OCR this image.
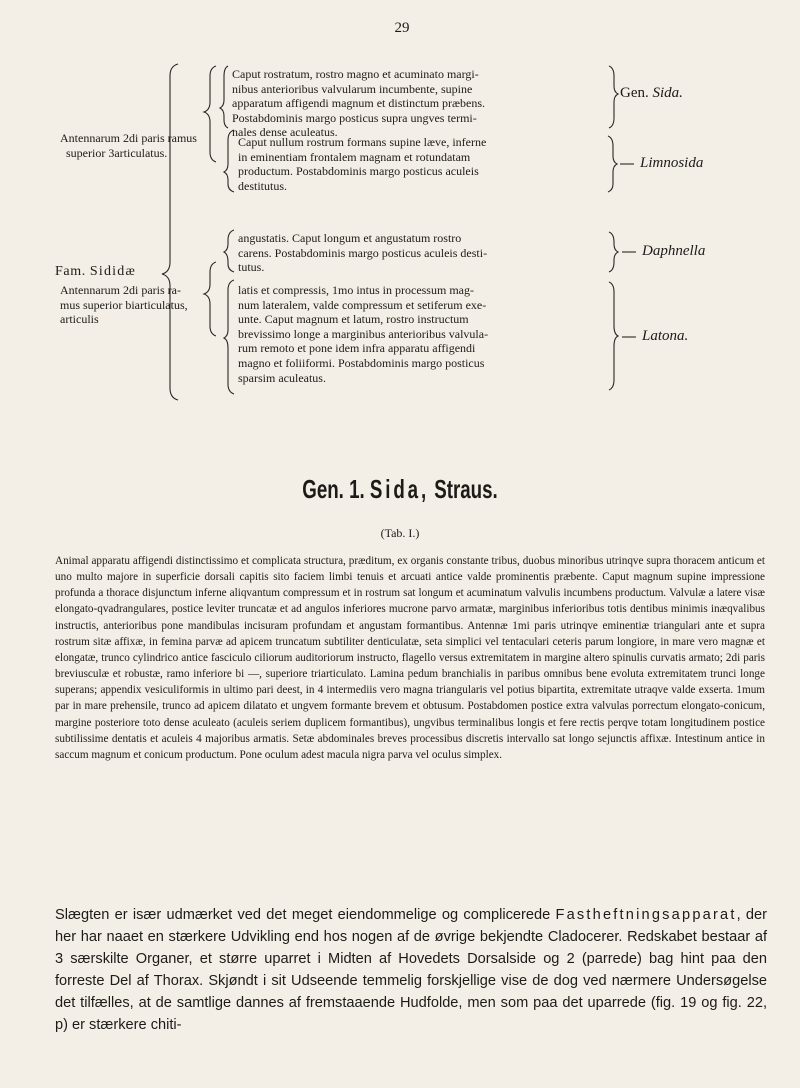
29
Fam. Sididæ
Antennarum 2di paris ramus
superior 3articulatus.
Caput rostratum, rostro magno et acuminato margi-
nibus anterioribus valvularum incumbente, supine
apparatum affigendi magnum et distinctum præbens.
Postabdominis margo posticus supra ungves termi-
nales dense aculeatus.
Gen. Sida.
Caput nullum rostrum formans supine læve, inferne
in eminentiam frontalem magnam et rotundatam
productum. Postabdominis margo posticus aculeis
destitutus.
Limnosida
angustatis. Caput longum et angustatum rostro
carens. Postabdominis margo posticus aculeis desti-
tutus.
Daphnella
Antennarum 2di paris ra-
mus superior biarticulatus,
articulis
latis et compressis, 1mo intus in processum mag-
num lateralem, valde compressum et setiferum exe-
unte. Caput magnum et latum, rostro instructum
brevissimo longe a marginibus anterioribus valvula-
rum remoto et pone idem infra apparatu affigendi
magno et foliiformi. Postabdominis margo posticus
sparsim aculeatus.
Latona.
Gen. 1. Sida, Straus.
(Tab. I.)
Animal apparatu affigendi distinctissimo et complicata structura, præditum, ex organis constante tribus, duobus minoribus utrinqve supra thoracem anticum et uno multo majore in superficie dorsali capitis sito faciem limbi tenuis et arcuati antice valde prominentis præbente. Caput magnum supine impressione profunda a thorace disjunctum inferne aliqvantum compressum et in rostrum sat longum et acuminatum valvulis incumbens productum. Valvulæ a latere visæ elongato-qvadrangulares, postice leviter truncatæ et ad angulos inferiores mucrone parvo armatæ, marginibus inferioribus totis dentibus minimis inæqvalibus instructis, anterioribus pone mandibulas incisuram profundam et angustam formantibus. Antennæ 1mi paris utrinqve eminentiæ triangulari ante et supra rostrum sitæ affixæ, in femina parvæ ad apicem truncatum subtiliter denticulatæ, seta simplici vel tentaculari ceteris parum longiore, in mare vero magnæ et elongatæ, trunco cylindrico antice fasciculo ciliorum auditoriorum instructo, flagello versus extremitatem in margine altero spinulis curvatis armato; 2di paris breviusculæ et robustæ, ramo inferiore bi —, superiore triarticulato. Lamina pedum branchialis in paribus omnibus bene evoluta extremitatem trunci longe superans; appendix vesiculiformis in ultimo pari deest, in 4 intermediis vero magna triangularis vel potius bipartita, extremitate utraqve valde exserta. 1mum par in mare prehensile, trunco ad apicem dilatato et ungvem formante brevem et obtusum. Postabdomen postice extra valvulas porrectum elongato-conicum, margine posteriore toto dense aculeato (aculeis seriem duplicem formantibus), ungvibus terminalibus longis et fere rectis perqve totam longitudinem postice subtilissime dentatis et aculeis 4 majoribus armatis. Setæ abdominales breves processibus discretis intervallo sat longo sejunctis affixæ. Intestinum antice in saccum magnum et conicum productum. Pone oculum adest macula nigra parva vel oculus simplex.
Slægten er især udmærket ved det meget eiendommelige og complicerede Fastheftningsapparat, der her har naaet en stærkere Udvikling end hos nogen af de øvrige bekjendte Cladocerer. Redskabet bestaar af 3 særskilte Organer, et større uparret i Midten af Hovedets Dorsalside og 2 (parrede) bag hint paa den forreste Del af Thorax. Skjøndt i sit Udseende temmelig forskjellige vise de dog ved nærmere Undersøgelse det tilfælles, at de samtlige dannes af fremstaaende Hudfolde, men som paa det uparrede (fig. 19 og fig. 22, p) er stærkere chiti-
